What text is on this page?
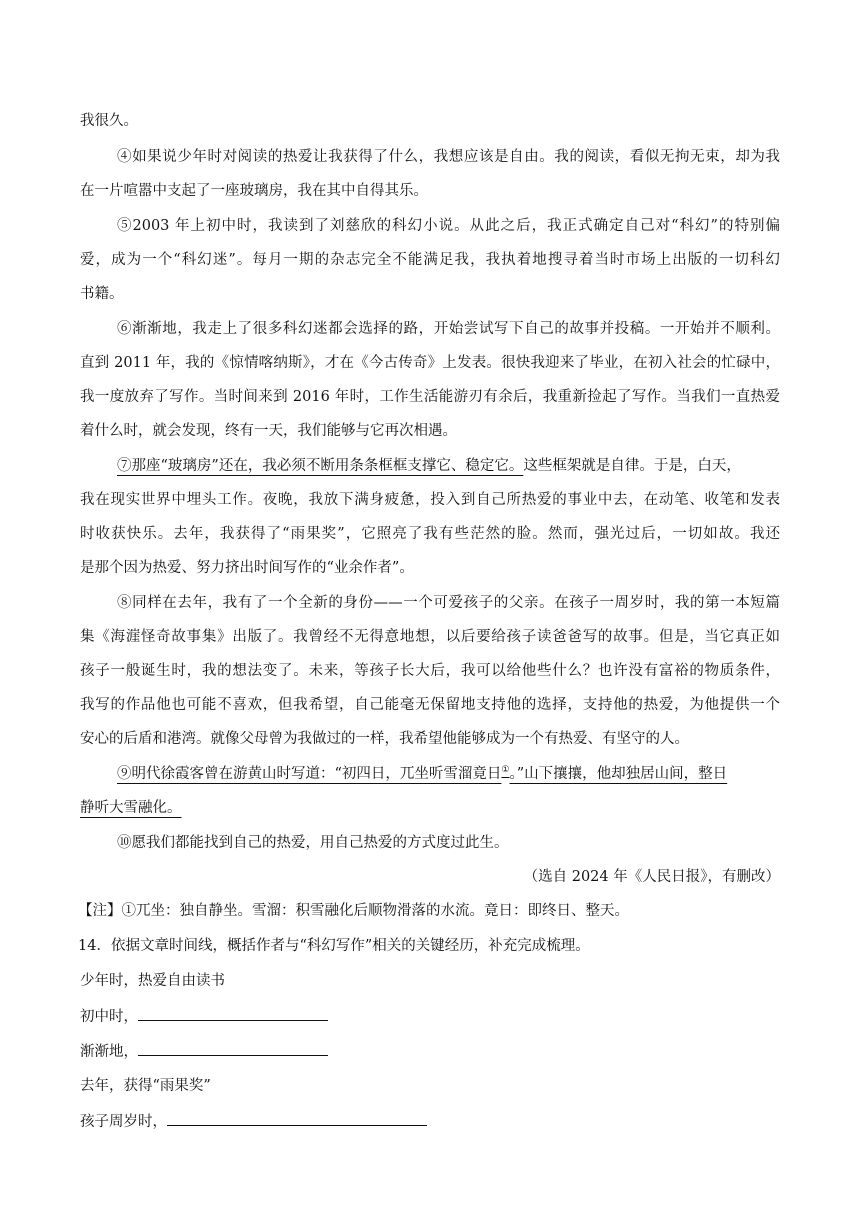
我很久。
④如果说少年时对阅读的热爱让我获得了什么，我想应该是自由。我的阅读，看似无拘无束，却为我
在一片喧嚣中支起了一座玻璃房，我在其中自得其乐。
⑤2003 年上初中时，我读到了刘慈欣的科幻小说。从此之后，我正式确定自己对“科幻”的特别偏
爱，成为一个“科幻迷”。每月一期的杂志完全不能满足我，我执着地搜寻着当时市场上出版的一切科幻
书籍。
⑥渐渐地，我走上了很多科幻迷都会选择的路，开始尝试写下自己的故事并投稿。一开始并不顺利。
直到 2011 年，我的《惊情喀纳斯》，才在《今古传奇》上发表。很快我迎来了毕业，在初入社会的忙碌中，
我一度放弃了写作。当时间来到 2016 年时，工作生活能游刃有余后，我重新捡起了写作。当我们一直热爱
着什么时，就会发现，终有一天，我们能够与它再次相遇。
⑦那座“玻璃房”还在，我必须不断用条条框框支撑它、稳定它。这些框架就是自律。于是，白天，
我在现实世界中埋头工作。夜晚，我放下满身疲惫，投入到自己所热爱的事业中去，在动笔、收笔和发表
时收获快乐。去年，我获得了“雨果奖”，它照亮了我有些茫然的脸。然而，强光过后，一切如故。我还
是那个因为热爱、努力挤出时间写作的“业余作者”。
⑧同样在去年，我有了一个全新的身份——一个可爱孩子的父亲。在孩子一周岁时，我的第一本短篇
集《海漄怪奇故事集》出版了。我曾经不无得意地想，以后要给孩子读爸爸写的故事。但是，当它真正如
孩子一般诞生时，我的想法变了。未来，等孩子长大后，我可以给他些什么？也许没有富裕的物质条件，
我写的作品他也可能不喜欢，但我希望，自己能毫无保留地支持他的选择，支持他的热爱，为他提供一个
安心的后盾和港湾。就像父母曾为我做过的一样，我希望他能够成为一个有热爱、有坚守的人。
⑨明代徐霞客曾在游黄山时写道：“初四日，兀坐听雪溜竟日①。”山下攘攘，他却独居山间，整日
静听大雪融化。
⑩愿我们都能找到自己的热爱，用自己热爱的方式度过此生。
（选自 2024 年《人民日报》，有删改）
【注】①兀坐：独自静坐。雪溜：积雪融化后顺物滑落的水流。竟日：即终日、整天。
14．依据文章时间线，概括作者与“科幻写作”相关的关键经历，补充完成梳理。
少年时，热爱自由读书
初中时，
渐渐地，
去年，获得“雨果奖”
孩子周岁时，
